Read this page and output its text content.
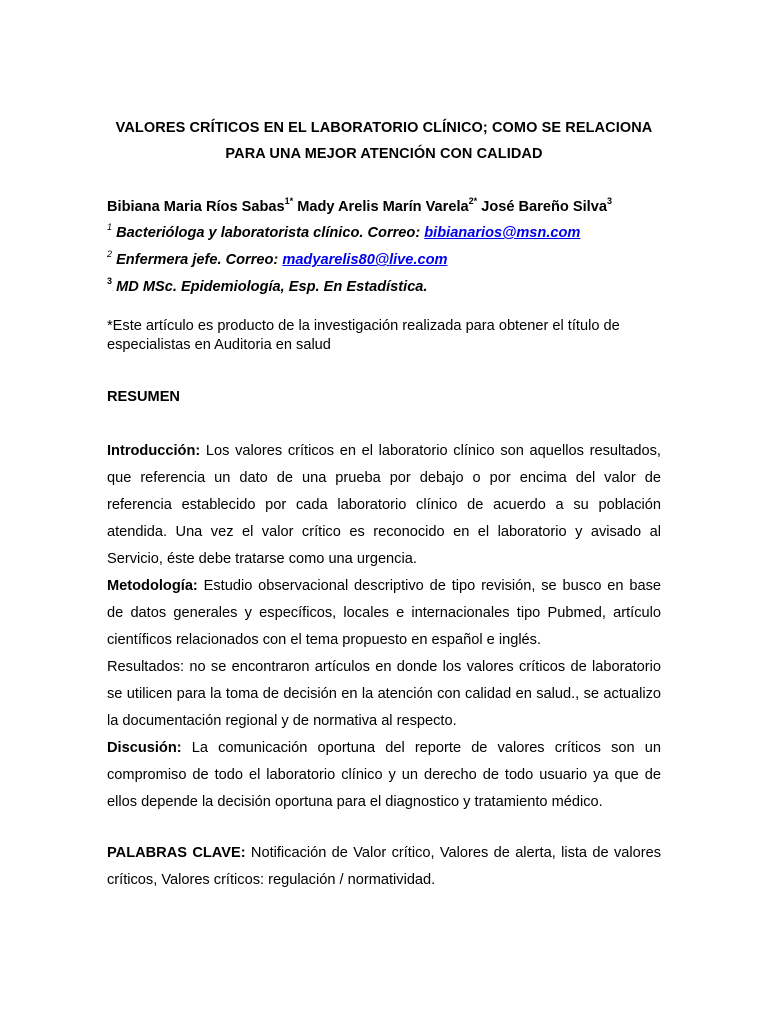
VALORES CRÍTICOS EN EL LABORATORIO CLÍNICO; COMO SE RELACIONA
PARA UNA MEJOR ATENCIÓN CON CALIDAD
Bibiana Maria Ríos Sabas$^{1*}$ Mady Arelis Marín Varela$^{2*}$ José Bareño Silva$^3$
$^1$ Bacterióloga y laboratorista clínico. Correo: bibianarios@msn.com
$^2$ Enfermera jefe. Correo: madyarelis80@live.com
$^3$ MD MSc. Epidemiología, Esp. En Estadística.
*Este artículo es producto de la investigación realizada para obtener el título de
especialistas en Auditoria en salud
RESUMEN
Introducción: Los valores críticos en el laboratorio clínico son aquellos resultados, que referencia un dato de una prueba por debajo o por encima del valor de referencia establecido por cada laboratorio clínico de acuerdo a su población atendida. Una vez el valor crítico es reconocido en el laboratorio y avisado al Servicio, éste debe tratarse como una urgencia.
Metodología: Estudio observacional descriptivo de tipo revisión, se busco en base de datos generales y específicos, locales e internacionales tipo Pubmed, artículo científicos relacionados con el tema propuesto en español e inglés.
Resultados: no se encontraron artículos en donde los valores críticos de laboratorio se utilicen para la toma de decisión en la atención con calidad en salud., se actualizo la documentación regional y de normativa al respecto.
Discusión: La comunicación oportuna del reporte de valores críticos son un compromiso de todo el laboratorio clínico y un derecho de todo usuario ya que de ellos depende la decisión oportuna para el diagnostico y tratamiento médico.
PALABRAS CLAVE: Notificación de Valor crítico, Valores de alerta, lista de valores críticos, Valores críticos: regulación / normatividad.
